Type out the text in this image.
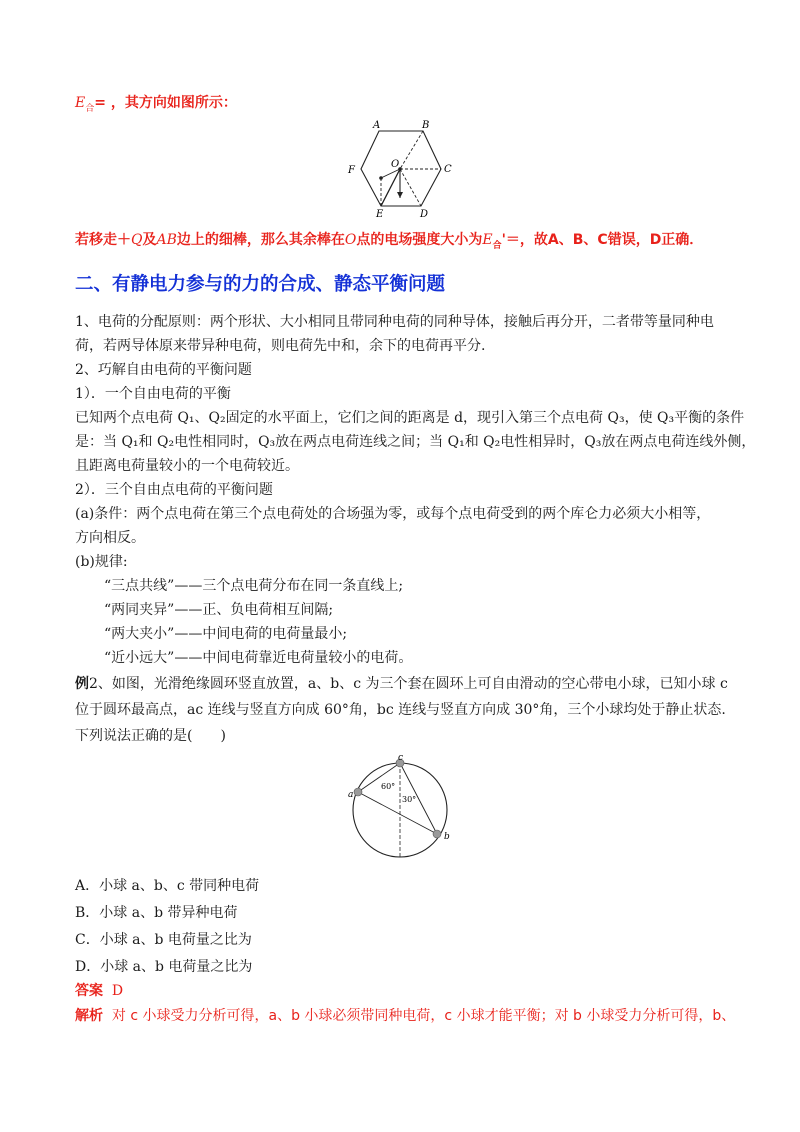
$E_合=$ ，其方向如图所示：
A	B
C
D
E
F
O
若移走＋Q及AB边上的细棒，那么其余棒在O点的电场强度大小为$E_合'=$，故A、B、C错误，D正确．
二、有静电力参与的力的合成、静态平衡问题
1、电荷的分配原则：两个形状、大小相同且带同种电荷的同种导体，接触后再分开，二者带等量同种电
荷，若两导体原来带异种电荷，则电荷先中和，余下的电荷再平分.
2、巧解自由电荷的平衡问题
1）．一个自由电荷的平衡
已知两个点电荷 Q₁、Q₂固定的水平面上，它们之间的距离是 d，现引入第三个点电荷 Q₃，使 Q₃平衡的条件
是：当 Q₁和 Q₂电性相同时，Q₃放在两点电荷连线之间；当 Q₁和 Q₂电性相异时，Q₃放在两点电荷连线外侧，
且距离电荷量较小的一个电荷较近。
2）．三个自由点电荷的平衡问题
(a)条件：两个点电荷在第三个点电荷处的合场强为零，或每个点电荷受到的两个库仑力必须大小相等，
方向相反。
(b)规律:
“三点共线”——三个点电荷分布在同一条直线上;
“两同夹异”——正、负电荷相互间隔;
“两大夹小”——中间电荷的电荷量最小;
“近小远大”——中间电荷靠近电荷量较小的电荷。
例2、如图，光滑绝缘圆环竖直放置，a、b、c 为三个套在圆环上可自由滑动的空心带电小球，已知小球 c
位于圆环最高点，ac 连线与竖直方向成 60°角，bc 连线与竖直方向成 30°角，三个小球均处于静止状态.
下列说法正确的是(　　)
c
a
b
60°
30°
A．小球 a、b、c 带同种电荷
B．小球 a、b 带异种电荷
C．小球 a、b 电荷量之比为
D．小球 a、b 电荷量之比为
答案 D
解析 对 c 小球受力分析可得，a、b 小球必须带同种电荷，c 小球才能平衡；对 b 小球受力分析可得，b、
